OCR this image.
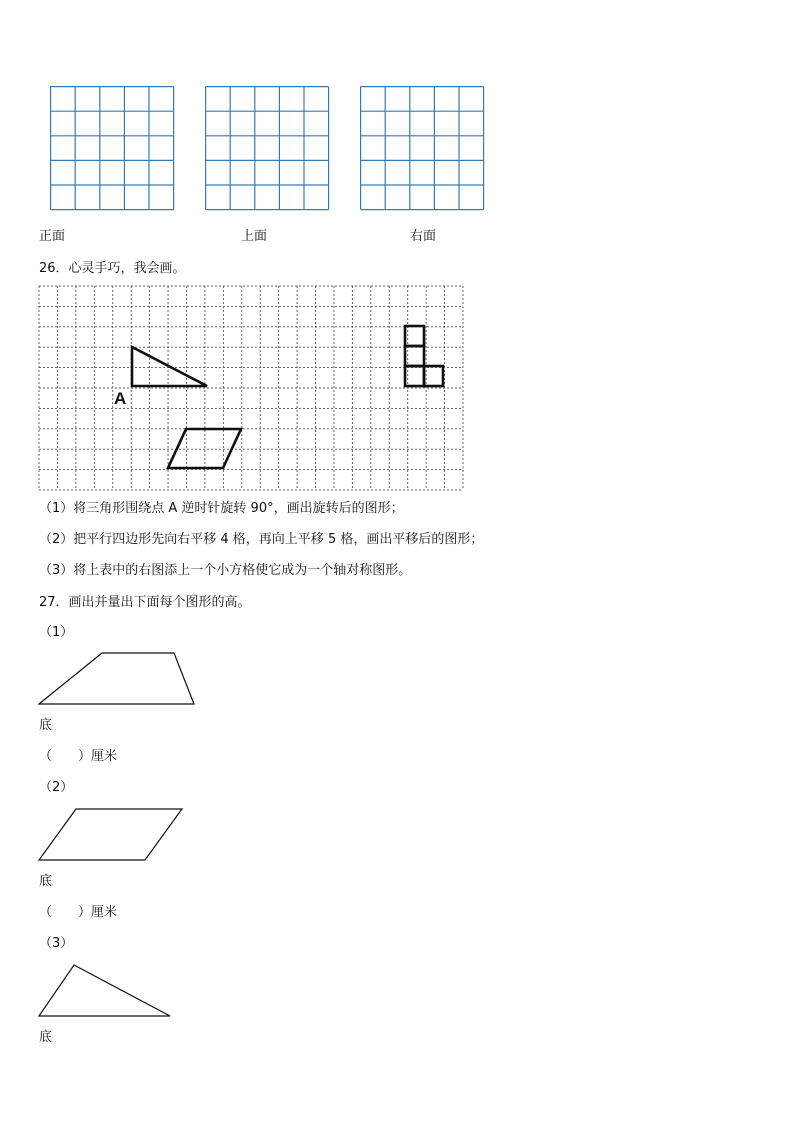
正面	上面	右面
26．心灵手巧，我会画。
A
（1）将三角形围绕点 A 逆时针旋转 90°，画出旋转后的图形；
（2）把平行四边形先向右平移 4 格，再向上平移 5 格，画出平移后的图形；
（3）将上表中的右图添上一个小方格使它成为一个轴对称图形。
27．画出并量出下面每个图形的高。
（1）
底
（　　）厘米
（2）
底
（　　）厘米
（3）
底
